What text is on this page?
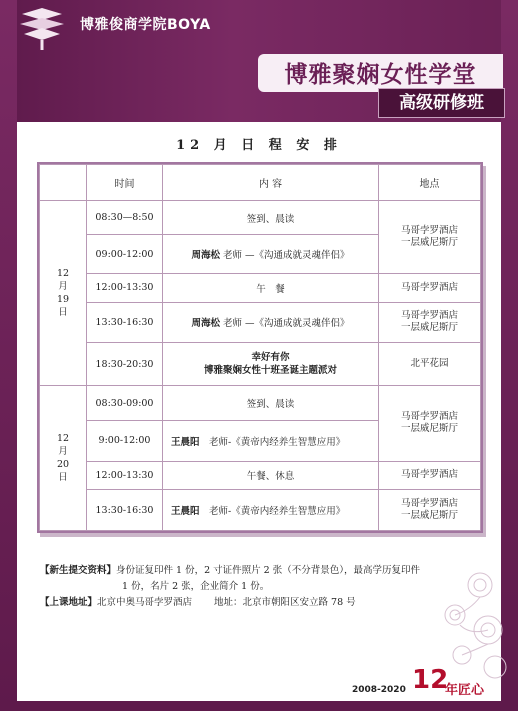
博雅俊商学院BOYA
博雅聚娴女性学堂
高级研修班
12 月 日 程 安 排
	时间	内 容	地点
12
月
19
日	08:30—8:50	签到、晨读	马哥孛罗酒店
一层威尼斯厅
	09:00-12:00	周海松 老师 —《沟通成就灵魂伴侣》	
	12:00-13:30	午　餐	马哥孛罗酒店
	13:30-16:30	周海松 老师 —《沟通成就灵魂伴侣》	马哥孛罗酒店
一层威尼斯厅
	18:30-20:30	幸好有你
博雅聚娴女性十班圣诞主题派对	北平花园
12
月
20
日	08:30-09:00	签到、晨读	马哥孛罗酒店
一层威尼斯厅
	9:00-12:00	王晨阳　老师-《黄帝内经养生智慧应用》	
	12:00-13:30	午餐、休息	马哥孛罗酒店
	13:30-16:30	王晨阳　老师-《黄帝内经养生智慧应用》	马哥孛罗酒店
一层威尼斯厅
【新生提交资料】身份证复印件 1 份，2 寸证件照片 2 张（不分背景色），最高学历复印件
1 份，名片 2 张，企业简介 1 份。
【上课地址】北京中奥马哥孛罗酒店 地址：北京市朝阳区安立路 78 号
2008-2020 12
年匠心
